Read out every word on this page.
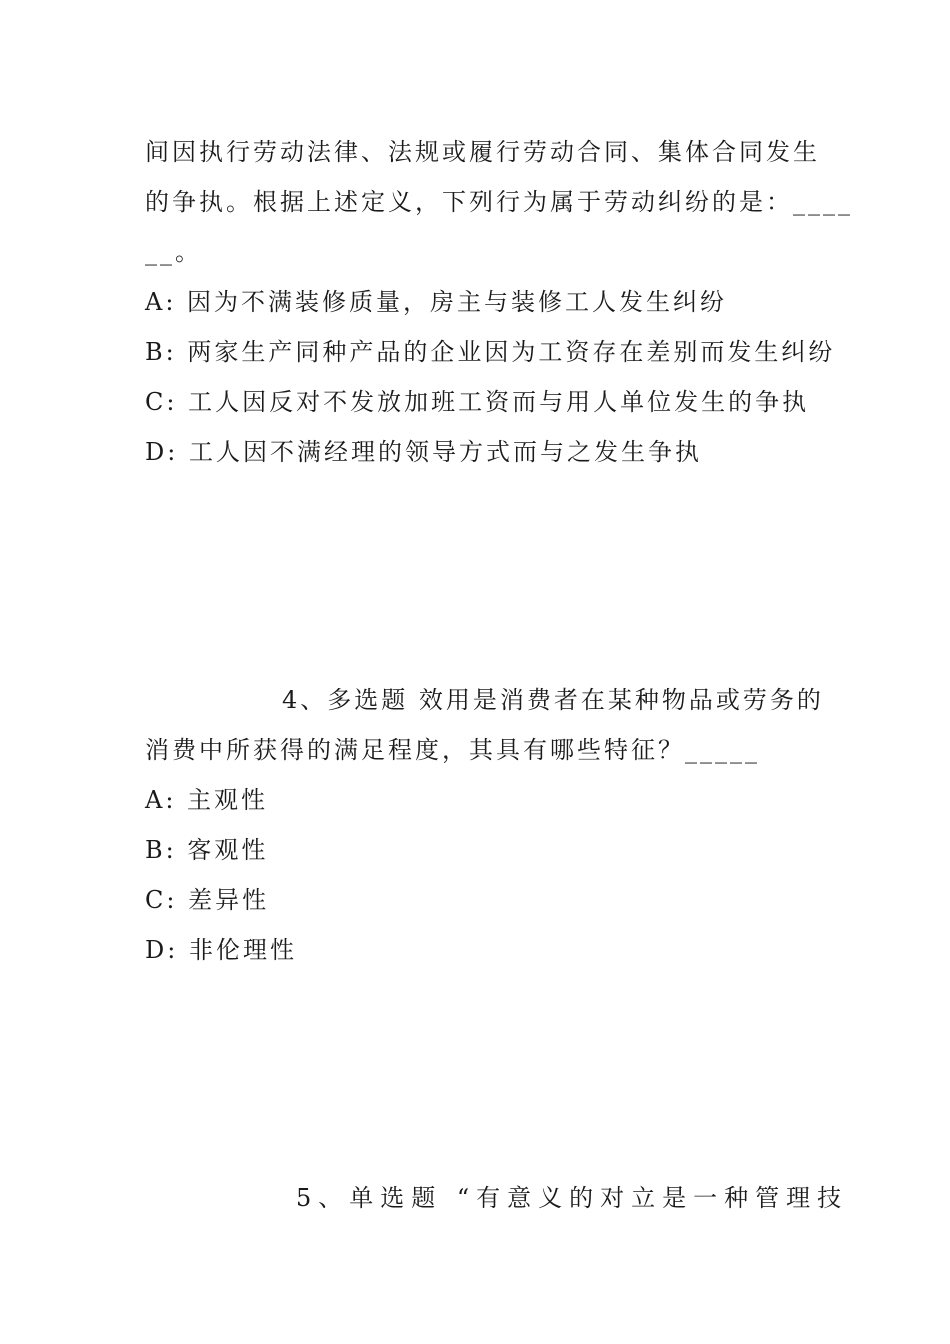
间因执行劳动法律、法规或履行劳动合同、集体合同发生

的争执。根据上述定义，下列行为属于劳动纠纷的是：____

__。

A: 因为不满装修质量，房主与装修工人发生纠纷

B: 两家生产同种产品的企业因为工资存在差别而发生纠纷

C: 工人因反对不发放加班工资而与用人单位发生的争执

D: 工人因不满经理的领导方式而与之发生争执

4、多选题 效用是消费者在某种物品或劳务的

消费中所获得的满足程度，其具有哪些特征？_____

A: 主观性

B: 客观性

C: 差异性

D: 非伦理性

5、单选题 “有意义的对立是一种管理技
